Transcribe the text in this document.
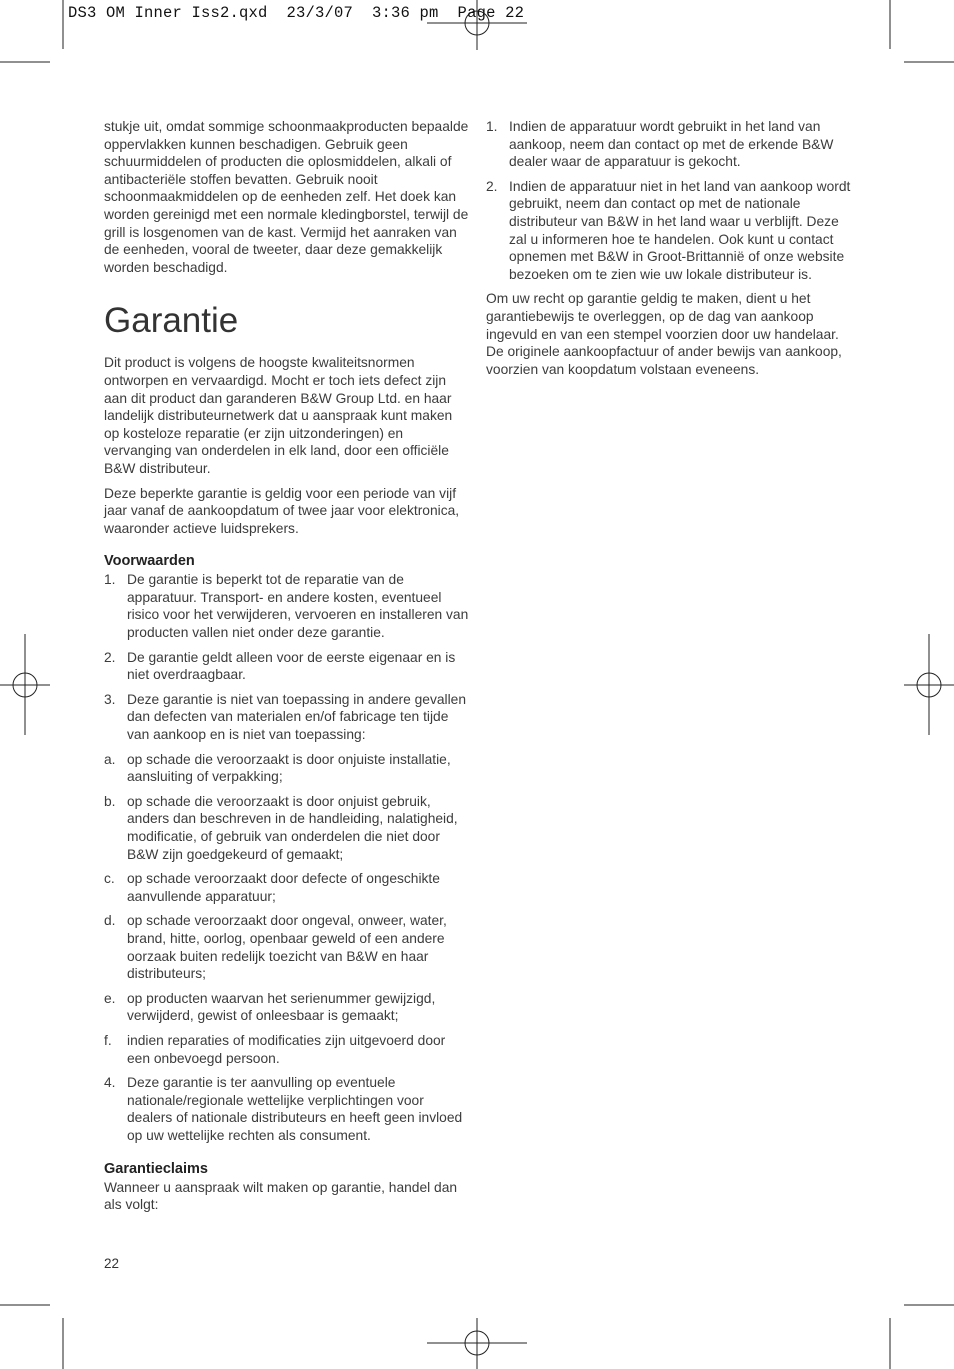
DS3 OM Inner Iss2.qxd  23/3/07  3:36 pm  Page 22

stukje uit, omdat sommige schoonmaakproducten bepaalde oppervlakken kunnen beschadigen. Gebruik geen schuurmiddelen of producten die oplosmiddelen, alkali of antibacteriële stoffen bevatten. Gebruik nooit schoonmaakmiddelen op de eenheden zelf. Het doek kan worden gereinigd met een normale kledingborstel, terwijl de grill is losgenomen van de kast. Vermijd het aanraken van de eenheden, vooral de tweeter, daar deze gemakkelijk worden beschadigd.

Garantie

Dit product is volgens de hoogste kwaliteitsnormen ontworpen en vervaardigd. Mocht er toch iets defect zijn aan dit product dan garanderen B&W Group Ltd. en haar landelijk distributeurnetwerk dat u aanspraak kunt maken op kosteloze reparatie (er zijn uitzonderingen) en vervanging van onderdelen in elk land, door een officiële B&W distributeur.

Deze beperkte garantie is geldig voor een periode van vijf jaar vanaf de aankoopdatum of twee jaar voor elektronica, waaronder actieve luidsprekers.

Voorwaarden
1. De garantie is beperkt tot de reparatie van de apparatuur. Transport- en andere kosten, eventueel risico voor het verwijderen, vervoeren en installeren van producten vallen niet onder deze garantie.
2. De garantie geldt alleen voor de eerste eigenaar en is niet overdraagbaar.
3. Deze garantie is niet van toepassing in andere gevallen dan defecten van materialen en/of fabricage ten tijde van aankoop en is niet van toepassing:
a. op schade die veroorzaakt is door onjuiste installatie, aansluiting of verpakking;
b. op schade die veroorzaakt is door onjuist gebruik, anders dan beschreven in de handleiding, nalatigheid, modificatie, of gebruik van onderdelen die niet door B&W zijn goedgekeurd of gemaakt;
c. op schade veroorzaakt door defecte of ongeschikte aanvullende apparatuur;
d. op schade veroorzaakt door ongeval, onweer, water, brand, hitte, oorlog, openbaar geweld of een andere oorzaak buiten redelijk toezicht van B&W en haar distributeurs;
e. op producten waarvan het serienummer gewijzigd, verwijderd, gewist of onleesbaar is gemaakt;
f. indien reparaties of modificaties zijn uitgevoerd door een onbevoegd persoon.
4. Deze garantie is ter aanvulling op eventuele nationale/regionale wettelijke verplichtingen voor dealers of nationale distributeurs en heeft geen invloed op uw wettelijke rechten als consument.
Garantieclaims

Wanneer u aanspraak wilt maken op garantie, handel dan als volgt:

1. Indien de apparatuur wordt gebruikt in het land van aankoop, neem dan contact op met de erkende B&W dealer waar de apparatuur is gekocht.
2. Indien de apparatuur niet in het land van aankoop wordt gebruikt, neem dan contact op met de nationale distributeur van B&W in het land waar u verblijft. Deze zal u informeren hoe te handelen. Ook kunt u contact opnemen met B&W in Groot-Brittannië of onze website bezoeken om te zien wie uw lokale distributeur is.

Om uw recht op garantie geldig te maken, dient u het garantiebewijs te overleggen, op de dag van aankoop ingevuld en van een stempel voorzien door uw handelaar. De originele aankoopfactuur of ander bewijs van aankoop, voorzien van koopdatum volstaan eveneens.

22
